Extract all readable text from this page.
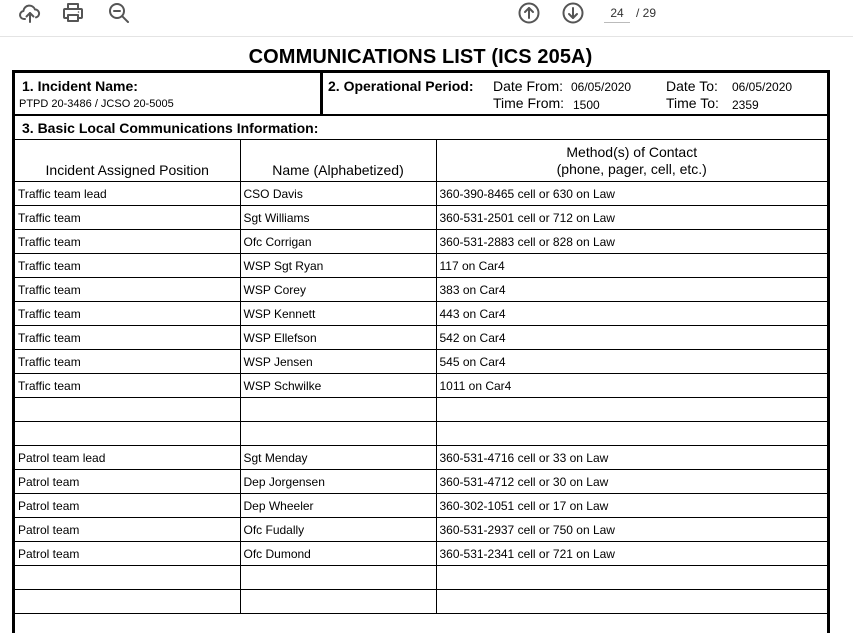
24
/ 29
COMMUNICATIONS LIST (ICS 205A)
1. Incident Name:
PTPD 20-3486 / JCSO 20-5005
2. Operational Period: Date From: 06/05/2020 Date To: 06/05/2020
Time From: 1500	Time To: 2359
3. Basic Local Communications Information:
Incident Assigned Position	Name (Alphabetized)	Method(s) of Contact
(phone, pager, cell, etc.)

Traffic team lead	CSO Davis	360-390-8465 cell or 630 on Law
Traffic team	Sgt Williams	360-531-2501 cell or 712 on Law
Traffic team	Ofc Corrigan	360-531-2883 cell or 828 on Law
Traffic team	WSP Sgt Ryan	117 on Car4
Traffic team	WSP Corey	383 on Car4
Traffic team	WSP Kennett	443 on Car4
Traffic team	WSP Ellefson	542 on Car4
Traffic team	WSP Jensen	545 on Car4
Traffic team	WSP Schwilke	1011 on Car4

Patrol team lead	Sgt Menday	360-531-4716 cell or 33 on Law
Patrol team	Dep Jorgensen	360-531-4712 cell or 30 on Law
Patrol team	Dep Wheeler	360-302-1051 cell or 17 on Law
Patrol team	Ofc Fudally	360-531-2937 cell or 750 on Law
Patrol team	Ofc Dumond	360-531-2341 cell or 721 on Law
